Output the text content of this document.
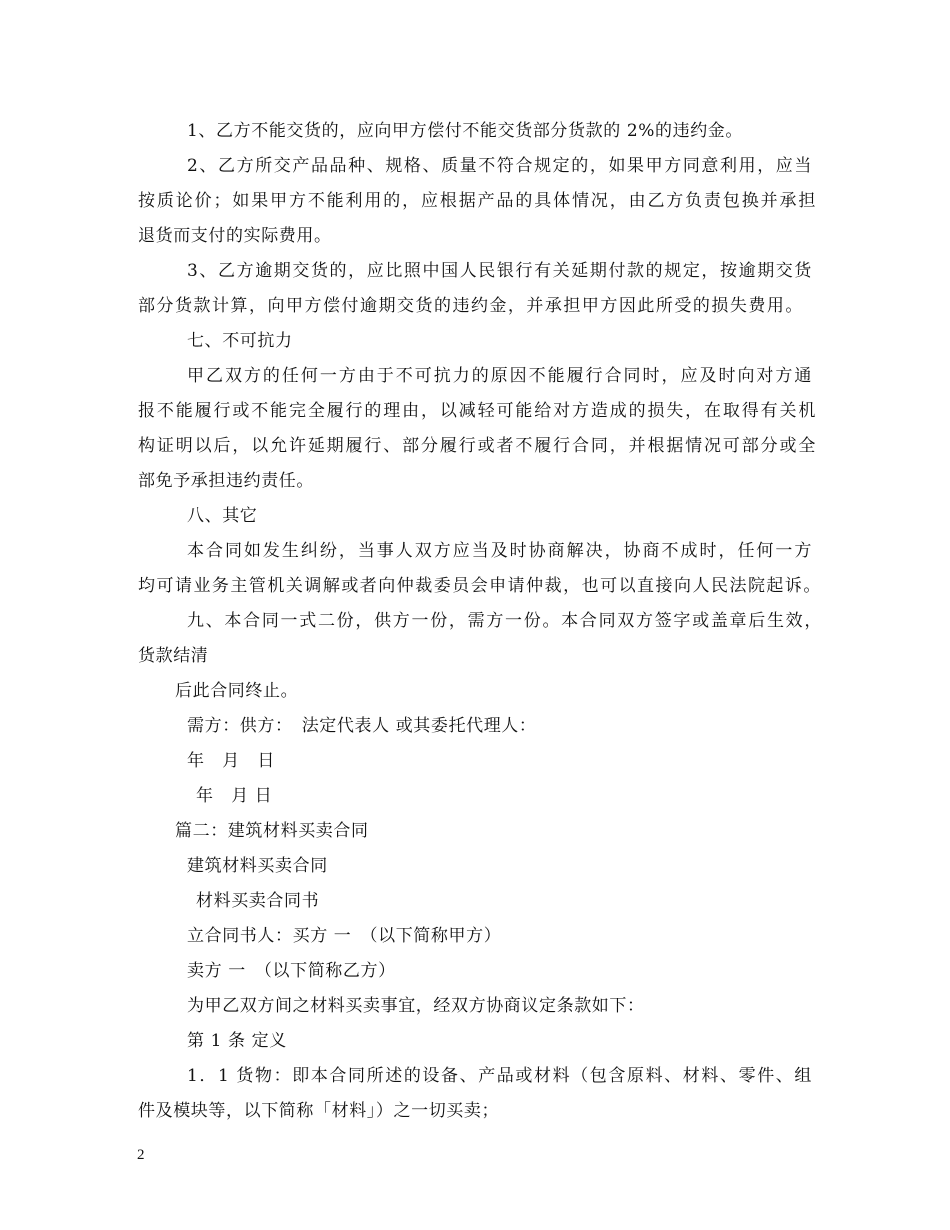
1、乙方不能交货的，应向甲方偿付不能交货部分货款的 2%的违约金。
2、乙方所交产品品种、规格、质量不符合规定的，如果甲方同意利用，应当
按质论价；如果甲方不能利用的，应根据产品的具体情况，由乙方负责包换并承担
退货而支付的实际费用。
3、乙方逾期交货的，应比照中国人民银行有关延期付款的规定，按逾期交货
部分货款计算，向甲方偿付逾期交货的违约金，并承担甲方因此所受的损失费用。
七、不可抗力
甲乙双方的任何一方由于不可抗力的原因不能履行合同时，应及时向对方通
报不能履行或不能完全履行的理由，以减轻可能给对方造成的损失，在取得有关机
构证明以后，以允许延期履行、部分履行或者不履行合同，并根据情况可部分或全
部免予承担违约责任。
八、其它
本合同如发生纠纷，当事人双方应当及时协商解决，协商不成时，任何一方
均可请业务主管机关调解或者向仲裁委员会申请仲裁，也可以直接向人民法院起诉。
九、本合同一式二份，供方一份，需方一份。本合同双方签字或盖章后生效，
货款结清
后此合同终止。
需方：供方：　法定代表人 或其委托代理人：
年　月　日
年　月 日
篇二：建筑材料买卖合同
建筑材料买卖合同
材料买卖合同书
立合同书人：买方 一　（以下简称甲方）
卖方 一　（以下简称乙方）
为甲乙双方间之材料买卖事宜，经双方协商议定条款如下：
第 1 条 定义
1．1 货物：即本合同所述的设备、产品或材料（包含原料、材料、零件、组
件及模块等，以下简称「材料」）之一切买卖；
2
